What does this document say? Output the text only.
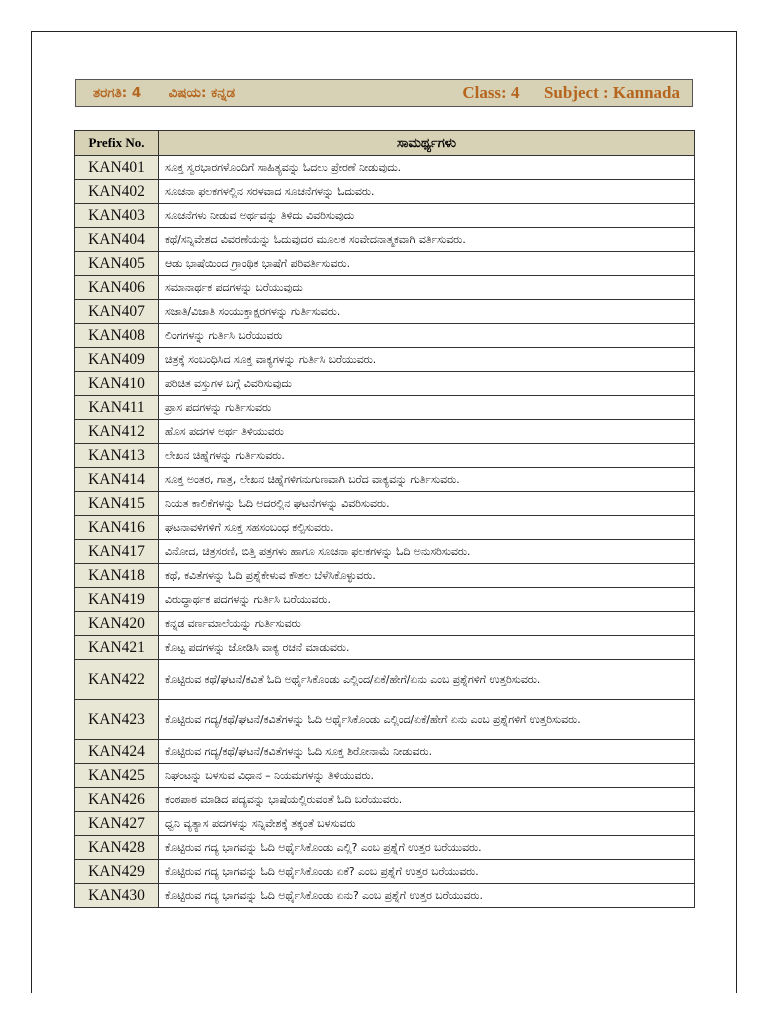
ತರಗತಿ: 4 ವಿಷಯ: ಕನ್ನಡ	Class: 4 Subject : Kannada
Prefix No.	ಸಾಮರ್ಥ್ಯಗಳು
KAN401	ಸೂಕ್ತ ಸ್ವರಭಾರಗಳೊಂದಿಗೆ ಸಾಹಿತ್ಯವನ್ನು ಓದಲು ಪ್ರೇರಣೆ ನೀಡುವುದು.
KAN402	ಸೂಚನಾ ಫಲಕಗಳಲ್ಲಿನ ಸರಳವಾದ ಸೂಚನೆಗಳನ್ನು ಓದುವರು.
KAN403	ಸೂಚನೆಗಳು ನೀಡುವ ಅರ್ಥವನ್ನು ತಿಳಿದು ವಿವರಿಸುವುದು
KAN404	ಕಥೆ/ಸನ್ನಿವೇಶದ ವಿವರಣೆಯನ್ನು ಓದುವುದರ ಮೂಲಕ ಸಂವೇದನಾತ್ಮಕವಾಗಿ ವರ್ತಿಸುವರು.
KAN405	ಆಡು ಭಾಷೆಯಿಂದ ಗ್ರಾಂಥಿಕ ಭಾಷೆಗೆ ಪರಿವರ್ತಿಸುವರು.
KAN406	ಸಮಾನಾರ್ಥಕ ಪದಗಳನ್ನು ಬರೆಯುವುದು
KAN407	ಸಜಾತಿ/ವಿಜಾತಿ ಸಂಯುಕ್ತಾಕ್ಷರಗಳನ್ನು ಗುರ್ತಿಸುವರು.
KAN408	ಲಿಂಗಗಳನ್ನು ಗುರ್ತಿಸಿ ಬರೆಯುವರು
KAN409	ಚಿತ್ರಕ್ಕೆ ಸಂಬಂಧಿಸಿದ ಸೂಕ್ತ ವಾಕ್ಯಗಳನ್ನು ಗುರ್ತಿಸಿ ಬರೆಯುವರು.
KAN410	ಪರಿಚಿತ ವಸ್ತುಗಳ ಬಗ್ಗೆ ವಿವರಿಸುವುದು
KAN411	ಪ್ರಾಸ ಪದಗಳನ್ನು ಗುರ್ತಿಸುವರು
KAN412	ಹೊಸ ಪದಗಳ ಅರ್ಥ ತಿಳಿಯುವರು
KAN413	ಲೇಖನ ಚಿಹ್ನೆಗಳನ್ನು ಗುರ್ತಿಸುವರು.
KAN414	ಸೂಕ್ತ ಅಂತರ, ಗಾತ್ರ, ಲೇಖನ ಚಿಹ್ನೆಗಳಿಗನುಗುಣವಾಗಿ ಬರೆದ ವಾಕ್ಯವನ್ನು ಗುರ್ತಿಸುವರು.
KAN415	ನಿಯತ ಕಾಲಿಕೆಗಳನ್ನು ಓದಿ ಅದರಲ್ಲಿನ ಘಟನೆಗಳನ್ನು ವಿವರಿಸುವರು.
KAN416	ಘಟನಾವಳಿಗಳಿಗೆ ಸೂಕ್ತ ಸಹಸಂಬಂಧ ಕಲ್ಪಿಸುವರು.
KAN417	ವಿನೋದ, ಚಿತ್ರಸರಣಿ, ಬಿತ್ತಿ ಪತ್ರಗಳು ಹಾಗೂ ಸೂಚನಾ ಫಲಕಗಳನ್ನು ಓದಿ ಅನುಸರಿಸುವರು.
KAN418	ಕಥೆ, ಕವಿತೆಗಳನ್ನು ಓದಿ ಪ್ರಶ್ನೆಕೇಳುವ ಕೌಶಲ ಬೆಳೆಸಿಕೊಳ್ಳುವರು.
KAN419	ವಿರುದ್ಧಾರ್ಥಕ ಪದಗಳನ್ನು ಗುರ್ತಿಸಿ ಬರೆಯುವರು.
KAN420	ಕನ್ನಡ ವರ್ಣಮಾಲೆಯನ್ನು ಗುರ್ತಿಸುವರು
KAN421	ಕೊಟ್ಟ ಪದಗಳನ್ನು ಜೋಡಿಸಿ ವಾಕ್ಯ ರಚನೆ ಮಾಡುವರು.
KAN422	ಕೊಟ್ಟಿರುವ ಕಥೆ/ಘಟನೆ/ಕವಿತೆ ಓದಿ ಅರ್ಥೈಸಿಕೊಂಡು ಎಲ್ಲಿಂದ/ಏಕೆ/ಹೇಗೆ/ಏನು ಎಂಬ ಪ್ರಶ್ನೆಗಳಿಗೆ ಉತ್ತರಿಸುವರು.
KAN423	ಕೊಟ್ಟಿರುವ ಗದ್ಯ/ಕಥೆ/ಘಟನೆ/ಕವಿತೆಗಳನ್ನು ಓದಿ ಅರ್ಥೈಸಿಕೊಂಡು ಎಲ್ಲಿಂದ/ಏಕೆ/ಹೇಗೆ ಏನು ಎಂಬ ಪ್ರಶ್ನೆಗಳಿಗೆ ಉತ್ತರಿಸುವರು.
KAN424	ಕೊಟ್ಟಿರುವ ಗದ್ಯ/ಕಥೆ/ಘಟನೆ/ಕವಿತೆಗಳನ್ನು ಓದಿ ಸೂಕ್ತ ಶಿರೋನಾಮೆ ನೀಡುವರು.
KAN425	ನಿಘಂಟನ್ನು ಬಳಸುವ ವಿಧಾನ – ನಿಯಮಗಳನ್ನು ತಿಳಿಯುವರು.
KAN426	ಕಂಠಪಾಠ ಮಾಡಿದ ಪದ್ಯವನ್ನು ಭಾಷೆಯಲ್ಲಿರುವಂತೆ ಓದಿ ಬರೆಯುವರು.
KAN427	ಧ್ವನಿ ವ್ಯತ್ಯಾಸ ಪದಗಳನ್ನು ಸನ್ನಿವೇಶಕ್ಕೆ ತಕ್ಕಂತೆ ಬಳಸುವರು
KAN428	ಕೊಟ್ಟಿರುವ ಗದ್ಯ ಭಾಗವನ್ನು ಓದಿ ಅರ್ಥೈಸಿಕೊಂಡು ಎಲ್ಲಿ? ಎಂಬ ಪ್ರಶ್ನೆಗೆ ಉತ್ತರ ಬರೆಯುವರು.
KAN429	ಕೊಟ್ಟಿರುವ ಗದ್ಯ ಭಾಗವನ್ನು ಓದಿ ಅರ್ಥೈಸಿಕೊಂಡು ಏಕೆ? ಎಂಬ ಪ್ರಶ್ನೆಗೆ ಉತ್ತರ ಬರೆಯುವರು.
KAN430	ಕೊಟ್ಟಿರುವ ಗದ್ಯ ಭಾಗವನ್ನು ಓದಿ ಅರ್ಥೈಸಿಕೊಂಡು ಏನು? ಎಂಬ ಪ್ರಶ್ನೆಗೆ ಉತ್ತರ ಬರೆಯುವರು.
